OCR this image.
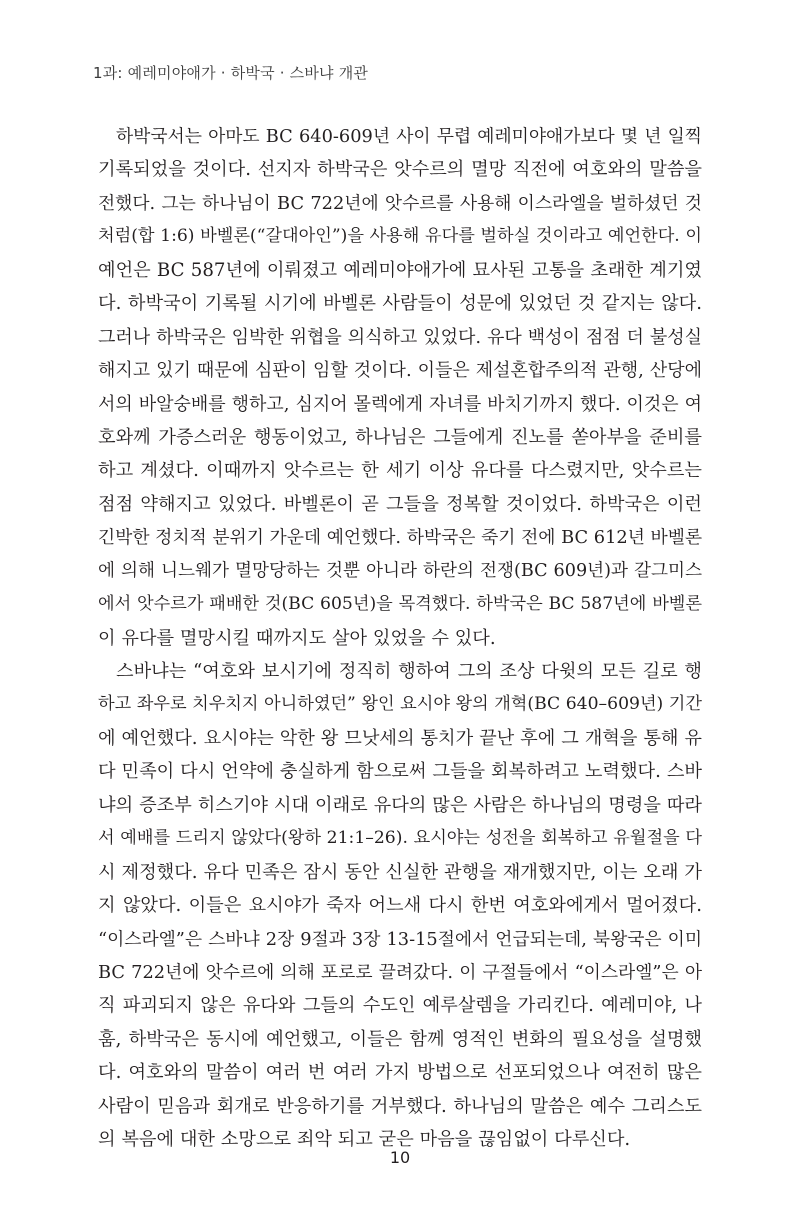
1과: 예레미야애가 · 하박국 · 스바냐 개관
하박국서는 아마도 BC 640-609년 사이 무렵 예레미야애가보다 몇 년 일찍
기록되었을 것이다. 선지자 하박국은 앗수르의 멸망 직전에 여호와의 말씀을
전했다. 그는 하나님이 BC 722년에 앗수르를 사용해 이스라엘을 벌하셨던 것
처럼(합 1:6) 바벨론(“갈대아인”)을 사용해 유다를 벌하실 것이라고 예언한다. 이
예언은 BC 587년에 이뤄졌고 예레미야애가에 묘사된 고통을 초래한 계기였
다. 하박국이 기록될 시기에 바벨론 사람들이 성문에 있었던 것 같지는 않다.
그러나 하박국은 임박한 위협을 의식하고 있었다. 유다 백성이 점점 더 불성실
해지고 있기 때문에 심판이 임할 것이다. 이들은 제설혼합주의적 관행, 산당에
서의 바알숭배를 행하고, 심지어 몰렉에게 자녀를 바치기까지 했다. 이것은 여
호와께 가증스러운 행동이었고, 하나님은 그들에게 진노를 쏟아부을 준비를
하고 계셨다. 이때까지 앗수르는 한 세기 이상 유다를 다스렸지만, 앗수르는
점점 약해지고 있었다. 바벨론이 곧 그들을 정복할 것이었다. 하박국은 이런
긴박한 정치적 분위기 가운데 예언했다. 하박국은 죽기 전에 BC 612년 바벨론
에 의해 니느웨가 멸망당하는 것뿐 아니라 하란의 전쟁(BC 609년)과 갈그미스
에서 앗수르가 패배한 것(BC 605년)을 목격했다. 하박국은 BC 587년에 바벨론
이 유다를 멸망시킬 때까지도 살아 있었을 수 있다.
스바냐는 “여호와 보시기에 정직히 행하여 그의 조상 다윗의 모든 길로 행
하고 좌우로 치우치지 아니하였던” 왕인 요시야 왕의 개혁(BC 640–609년) 기간
에 예언했다. 요시야는 악한 왕 므낫세의 통치가 끝난 후에 그 개혁을 통해 유
다 민족이 다시 언약에 충실하게 함으로써 그들을 회복하려고 노력했다. 스바
냐의 증조부 히스기야 시대 이래로 유다의 많은 사람은 하나님의 명령을 따라
서 예배를 드리지 않았다(왕하 21:1–26). 요시야는 성전을 회복하고 유월절을 다
시 제정했다. 유다 민족은 잠시 동안 신실한 관행을 재개했지만, 이는 오래 가
지 않았다. 이들은 요시야가 죽자 어느새 다시 한번 여호와에게서 멀어졌다.
“이스라엘”은 스바냐 2장 9절과 3장 13-15절에서 언급되는데, 북왕국은 이미
BC 722년에 앗수르에 의해 포로로 끌려갔다. 이 구절들에서 “이스라엘”은 아
직 파괴되지 않은 유다와 그들의 수도인 예루살렘을 가리킨다. 예레미야, 나
훔, 하박국은 동시에 예언했고, 이들은 함께 영적인 변화의 필요성을 설명했
다. 여호와의 말씀이 여러 번 여러 가지 방법으로 선포되었으나 여전히 많은
사람이 믿음과 회개로 반응하기를 거부했다. 하나님의 말씀은 예수 그리스도
의 복음에 대한 소망으로 죄악 되고 굳은 마음을 끊임없이 다루신다.
10
